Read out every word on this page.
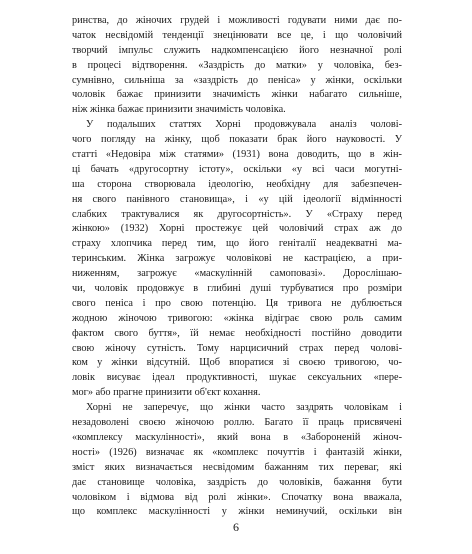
ринства, до жіночих грудей і можливості годувати ними дає по-
чаток несвідомій тенденції знецінювати все це, і що чоловічий
творчий імпульс служить надкомпенсацією його незначної ролі
в процесі відтворення. «Заздрість до матки» у чоловіка, без-
сумнівно, сильніша за «заздрість до пеніса» у жінки, оскільки
чоловік бажає принизити значимість жінки набагато сильніше,
ніж жінка бажає принизити значимість чоловіка.
У подальших статтях Хорні продовжувала аналіз чолові-
чого погляду на жінку, щоб показати брак його науковості. У
статті «Недовіра між статями» (1931) вона доводить, що в жін-
ці бачать «другосортну істоту», оскільки «у всі часи могутні-
ша сторона створювала ідеологію, необхідну для забезпечен-
ня свого панівного становища», і «у цій ідеології відмінності
слабких трактувалися як другосортність». У «Страху перед
жінкою» (1932) Хорні простежує цей чоловічий страх аж до
страху хлопчика перед тим, що його геніталії неадекватні ма-
теринським. Жінка загрожує чоловікові не кастрацією, а при-
ниженням, загрожує «маскулінній самоповазі». Дорослішаю-
чи, чоловік продовжує в глибині душі турбуватися про розміри
свого пеніса і про свою потенцію. Ця тривога не дублюється
жодною жіночою тривогою: «жінка відіграє свою роль самим
фактом свого буття», їй немає необхідності постійно доводити
свою жіночу сутність. Тому нарцисичний страх перед чолові-
ком у жінки відсутній. Щоб впоратися зі своєю тривогою, чо-
ловік висуває ідеал продуктивності, шукає сексуальних «пере-
мог» або прагне принизити об'єкт кохання.
Хорні не заперечує, що жінки часто заздрять чоловікам і
незадоволені своєю жіночою роллю. Багато її праць присвячені
«комплексу маскулінності», який вона в «Забороненій жіноч-
ності» (1926) визначає як «комплекс почуттів і фантазій жінки,
зміст яких визначається несвідомим бажанням тих переваг, які
дає становище чоловіка, заздрість до чоловіків, бажання бути
чоловіком і відмова від ролі жінки». Спочатку вона вважала,
що комплекс маскулінності у жінки неминучий, оскільки він
6
